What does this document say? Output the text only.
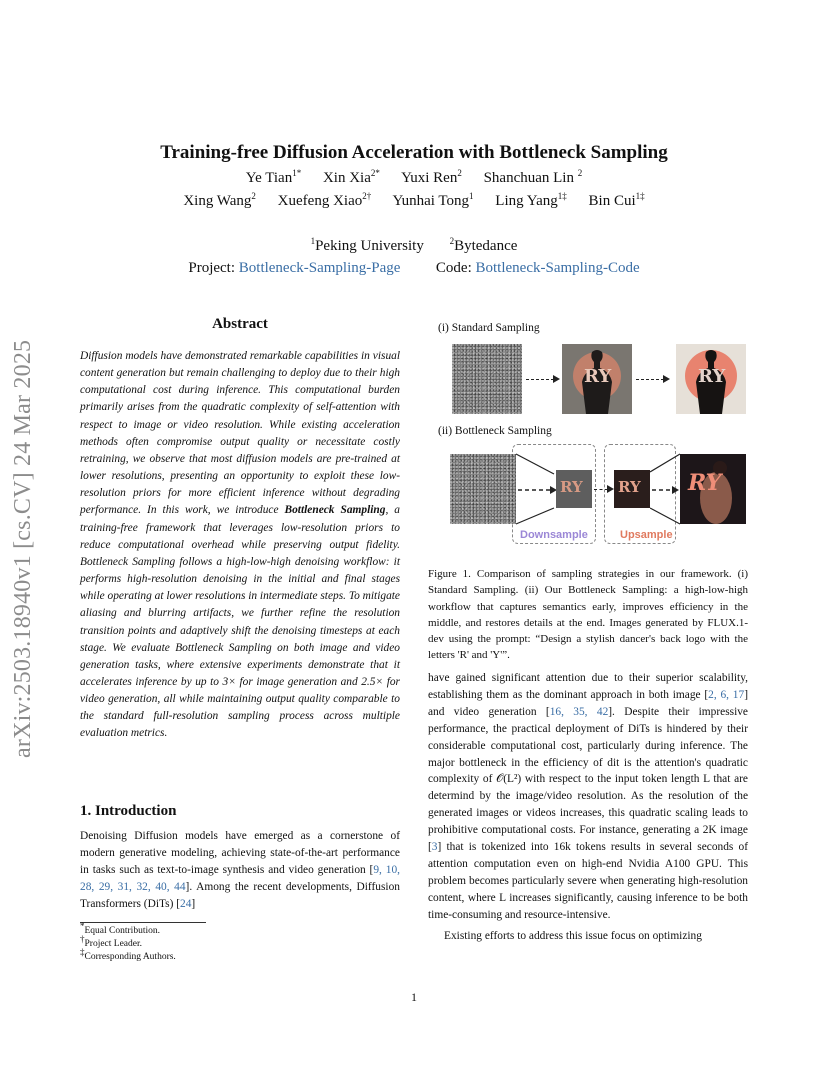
arXiv:2503.18940v1 [cs.CV] 24 Mar 2025
Training-free Diffusion Acceleration with Bottleneck Sampling
Ye Tian$^{1*}$ Xin Xia$^{2*}$ Yuxi Ren$^2$ Shanchuan Lin $^2$
Xing Wang$^2$ Xuefeng Xiao$^{2\dagger}$ Yunhai Tong$^1$ Ling Yang$^{1\ddagger}$ Bin Cui$^{1\ddagger}$
$^1$Peking University	$^2$Bytedance
Project: Bottleneck-Sampling-Page Code: Bottleneck-Sampling-Code
Abstract
Diffusion models have demonstrated remarkable capabilities in visual content generation but remain challenging to deploy due to their high computational cost during inference. This computational burden primarily arises from the quadratic complexity of self-attention with respect to image or video resolution. While existing acceleration methods often compromise output quality or necessitate costly retraining, we observe that most diffusion models are pre-trained at lower resolutions, presenting an opportunity to exploit these low-resolution priors for more efficient inference without degrading performance. In this work, we introduce Bottleneck Sampling, a training-free framework that leverages low-resolution priors to reduce computational overhead while preserving output fidelity. Bottleneck Sampling follows a high-low-high denoising workflow: it performs high-resolution denoising in the initial and final stages while operating at lower resolutions in intermediate steps. To mitigate aliasing and blurring artifacts, we further refine the resolution transition points and adaptively shift the denoising timesteps at each stage. We evaluate Bottleneck Sampling on both image and video generation tasks, where extensive experiments demonstrate that it accelerates inference by up to 3× for image generation and 2.5× for video generation, all while maintaining output quality comparable to the standard full-resolution sampling process across multiple evaluation metrics.
1. Introduction
Denoising Diffusion models have emerged as a cornerstone of modern generative modeling, achieving state-of-the-art performance in tasks such as text-to-image synthesis and video generation [9, 10, 28, 29, 31, 32, 40, 44]. Among the recent developments, Diffusion Transformers (DiTs) [24]
*Equal Contribution.
†Project Leader.
‡Corresponding Authors.
(i) Standard Sampling
RY	RY
(ii) Bottleneck Sampling
RY RY RY
Downsample	Upsample
Figure 1. Comparison of sampling strategies in our framework. (i) Standard Sampling. (ii) Our Bottleneck Sampling: a high-low-high workflow that captures semantics early, improves efficiency in the middle, and restores details at the end. Images generated by FLUX.1-dev using the prompt: “Design a stylish dancer's back logo with the letters 'R' and 'Y'”.

have gained significant attention due to their superior scalability, establishing them as the dominant approach in both image [2, 6, 17] and video generation [16, 35, 42]. Despite their impressive performance, the practical deployment of DiTs is hindered by their considerable computational cost, particularly during inference. The major bottleneck in the efficiency of dit is the attention's quadratic complexity of 𝒪(L²) with respect to the input token length L that are determind by the image/video resolution. As the resolution of the generated images or videos increases, this quadratic scaling leads to prohibitive computational costs. For instance, generating a 2K image [3] that is tokenized into 16k tokens results in several seconds of attention computation even on high-end Nvidia A100 GPU. This problem becomes particularly severe when generating high-resolution content, where L increases significantly, causing inference to be both time-consuming and resource-intensive.

Existing efforts to address this issue focus on optimizing

1
